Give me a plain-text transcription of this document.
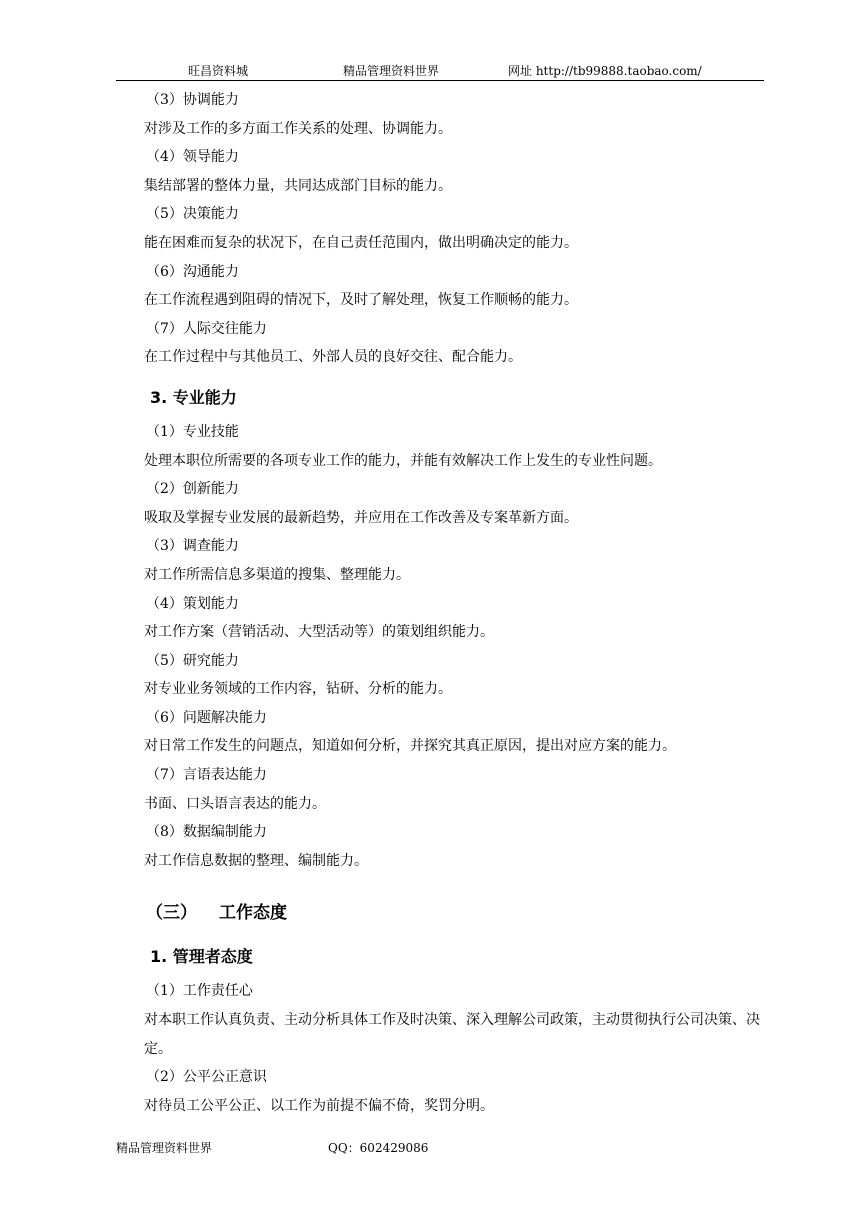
旺昌资料城	精品管理资料世界	网址 http://tb99888.taobao.com/
（3）协调能力
对涉及工作的多方面工作关系的处理、协调能力。
（4）领导能力
集结部署的整体力量，共同达成部门目标的能力。
（5）决策能力
能在困难而复杂的状况下，在自己责任范围内，做出明确决定的能力。
（6）沟通能力
在工作流程遇到阻碍的情况下，及时了解处理，恢复工作顺畅的能力。
（7）人际交往能力
在工作过程中与其他员工、外部人员的良好交往、配合能力。
3. 专业能力
（1）专业技能
处理本职位所需要的各项专业工作的能力，并能有效解决工作上发生的专业性问题。
（2）创新能力
吸取及掌握专业发展的最新趋势，并应用在工作改善及专案革新方面。
（3）调查能力
对工作所需信息多渠道的搜集、整理能力。
（4）策划能力
对工作方案（营销活动、大型活动等）的策划组织能力。
（5）研究能力
对专业业务领域的工作内容，钻研、分析的能力。
（6）问题解决能力
对日常工作发生的问题点，知道如何分析，并探究其真正原因，提出对应方案的能力。
（7）言语表达能力
书面、口头语言表达的能力。
（8）数据编制能力
对工作信息数据的整理、编制能力。
（三） 工作态度
1. 管理者态度
（1）工作责任心
对本职工作认真负责、主动分析具体工作及时决策、深入理解公司政策，主动贯彻执行公司决策、决定。
（2）公平公正意识
对待员工公平公正、以工作为前提不偏不倚，奖罚分明。
精品管理资料世界	QQ：602429086
